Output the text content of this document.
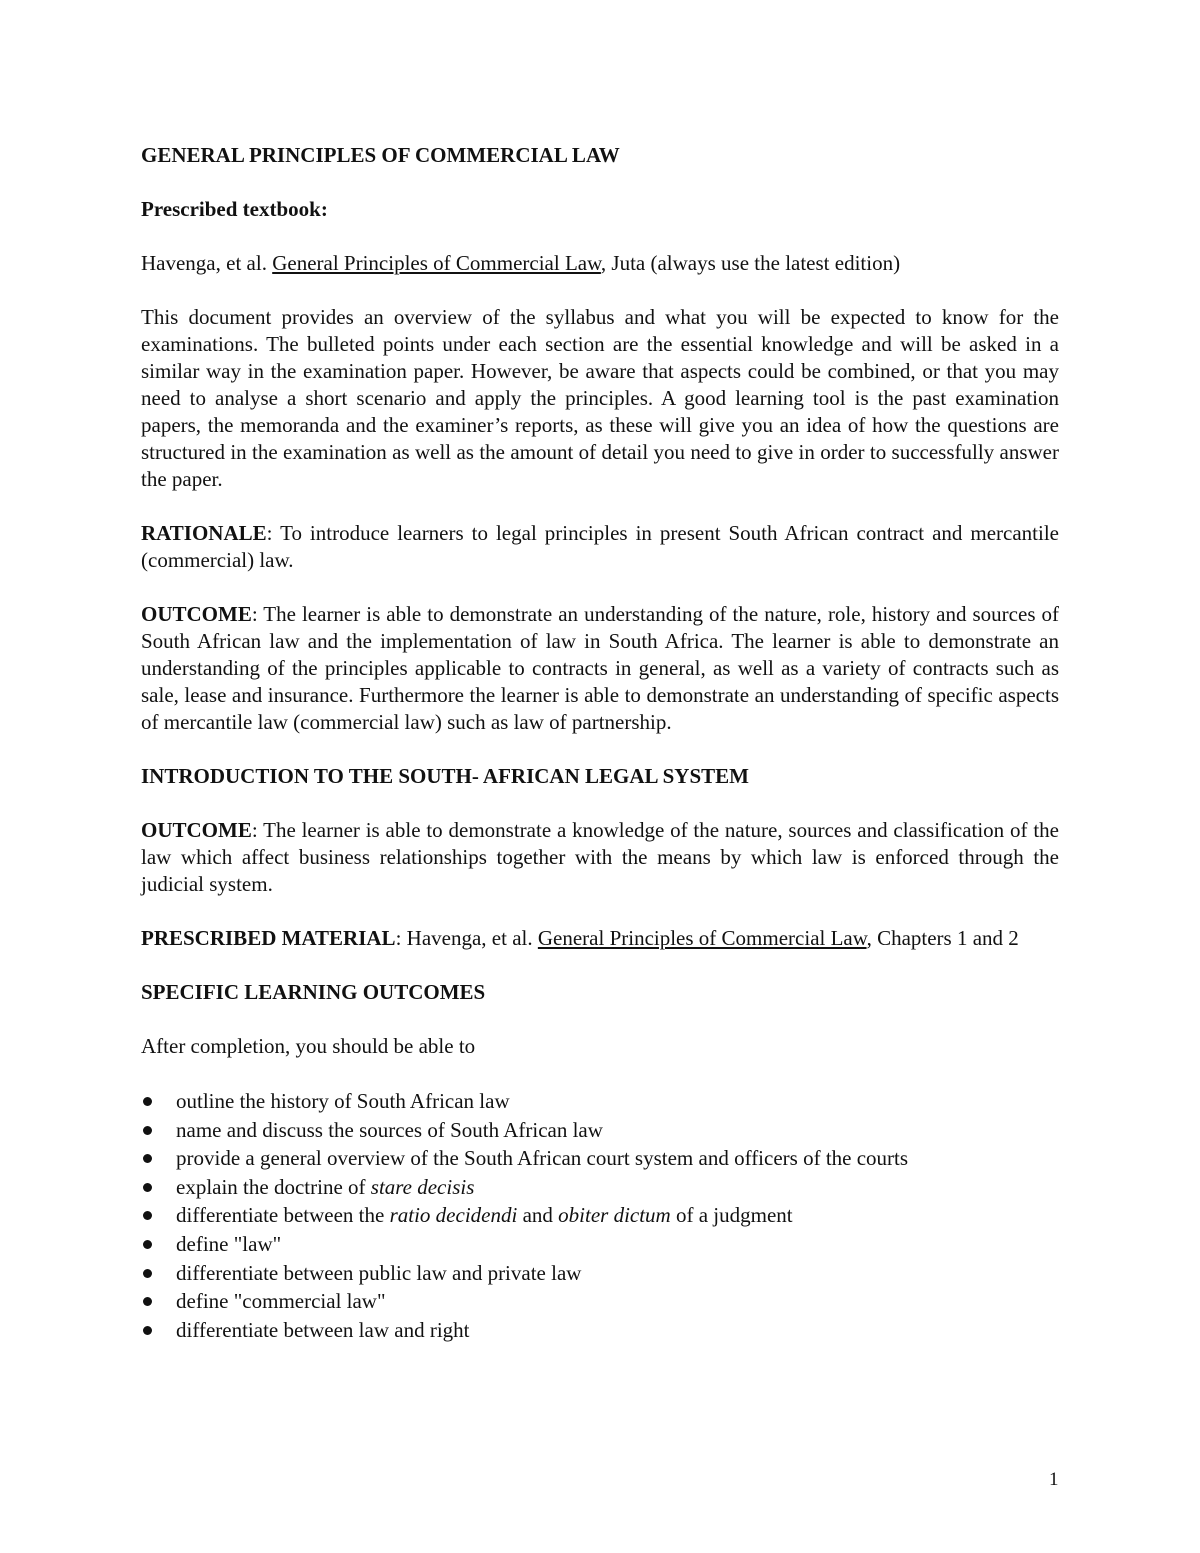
GENERAL PRINCIPLES OF COMMERCIAL LAW

Prescribed textbook:

Havenga, et al. General Principles of Commercial Law, Juta (always use the latest edition)

This document provides an overview of the syllabus and what you will be expected to know for the examinations. The bulleted points under each section are the essential knowledge and will be asked in a similar way in the examination paper. However, be aware that aspects could be combined, or that you may need to analyse a short scenario and apply the principles. A good learning tool is the past examination papers, the memoranda and the examiner’s reports, as these will give you an idea of how the questions are structured in the examination as well as the amount of detail you need to give in order to successfully answer the paper.

RATIONALE: To introduce learners to legal principles in present South African contract and mercantile (commercial) law.

OUTCOME: The learner is able to demonstrate an understanding of the nature, role, history and sources of South African law and the implementation of law in South Africa. The learner is able to demonstrate an understanding of the principles applicable to contracts in general, as well as a variety of contracts such as sale, lease and insurance. Furthermore the learner is able to demonstrate an understanding of specific aspects of mercantile law (commercial law) such as law of partnership.

INTRODUCTION TO THE SOUTH- AFRICAN LEGAL SYSTEM

OUTCOME: The learner is able to demonstrate a knowledge of the nature, sources and classification of the law which affect business relationships together with the means by which law is enforced through the judicial system.

PRESCRIBED MATERIAL: Havenga, et al. General Principles of Commercial Law, Chapters 1 and 2

SPECIFIC LEARNING OUTCOMES

After completion, you should be able to

outline the history of South African law
name and discuss the sources of South African law
provide a general overview of the South African court system and officers of the courts
explain the doctrine of stare decisis
differentiate between the ratio decidendi and obiter dictum of a judgment
define "law"
differentiate between public law and private law
define "commercial law"
differentiate between law and right
1
